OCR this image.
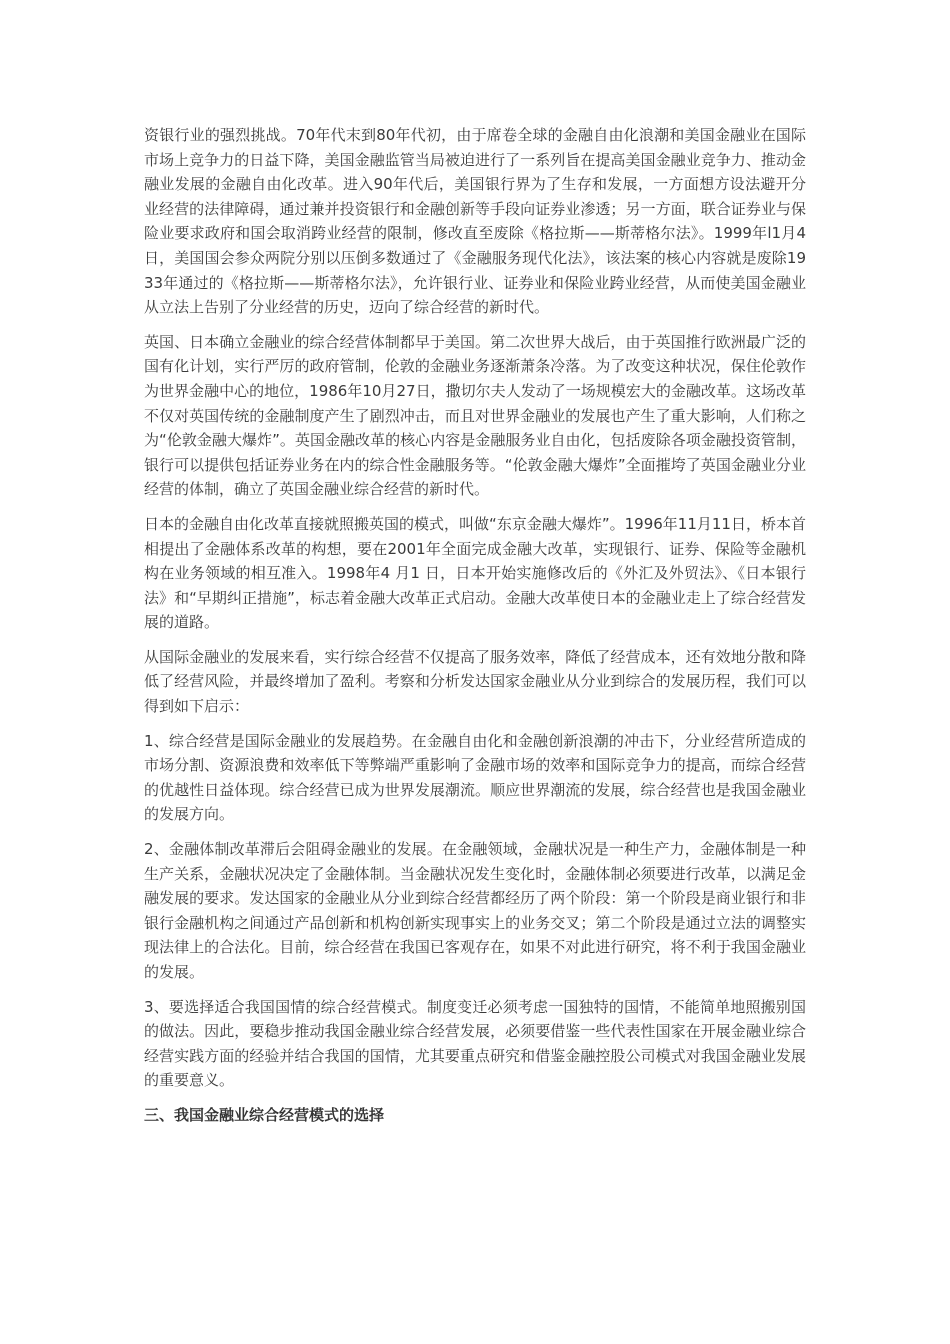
资银行业的强烈挑战。70年代末到80年代初，由于席卷全球的金融自由化浪潮和美国金融业在国际市场上竞争力的日益下降，美国金融监管当局被迫进行了一系列旨在提高美国金融业竞争力、推动金融业发展的金融自由化改革。进入90年代后，美国银行界为了生存和发展，一方面想方设法避开分业经营的法律障碍，通过兼并投资银行和金融创新等手段向证券业渗透；另一方面，联合证券业与保险业要求政府和国会取消跨业经营的限制，修改直至废除《格拉斯——斯蒂格尔法》。1999年l1月4日，美国国会参众两院分别以压倒多数通过了《金融服务现代化法》，该法案的核心内容就是废除1933年通过的《格拉斯——斯蒂格尔法》，允许银行业、证券业和保险业跨业经营，从而使美国金融业从立法上告别了分业经营的历史，迈向了综合经营的新时代。

英国、日本确立金融业的综合经营体制都早于美国。第二次世界大战后，由于英国推行欧洲最广泛的国有化计划，实行严厉的政府管制，伦敦的金融业务逐渐萧条冷落。为了改变这种状况，保住伦敦作为世界金融中心的地位，1986年10月27日，撒切尔夫人发动了一场规模宏大的金融改革。这场改革不仅对英国传统的金融制度产生了剧烈冲击，而且对世界金融业的发展也产生了重大影响，人们称之为“伦敦金融大爆炸”。英国金融改革的核心内容是金融服务业自由化，包括废除各项金融投资管制，银行可以提供包括证券业务在内的综合性金融服务等。“伦敦金融大爆炸”全面摧垮了英国金融业分业经营的体制，确立了英国金融业综合经营的新时代。

日本的金融自由化改革直接就照搬英国的模式，叫做“东京金融大爆炸”。1996年11月11日，桥本首相提出了金融体系改革的构想，要在2001年全面完成金融大改革，实现银行、证券、保险等金融机构在业务领域的相互准入。1998年4 月1 日，日本开始实施修改后的《外汇及外贸法》、《日本银行法》和“早期纠正措施”，标志着金融大改革正式启动。金融大改革使日本的金融业走上了综合经营发展的道路。

从国际金融业的发展来看，实行综合经营不仅提高了服务效率，降低了经营成本，还有效地分散和降低了经营风险，并最终增加了盈利。考察和分析发达国家金融业从分业到综合的发展历程，我们可以得到如下启示：

1、综合经营是国际金融业的发展趋势。在金融自由化和金融创新浪潮的冲击下，分业经营所造成的市场分割、资源浪费和效率低下等弊端严重影响了金融市场的效率和国际竞争力的提高，而综合经营的优越性日益体现。综合经营已成为世界发展潮流。顺应世界潮流的发展，综合经营也是我国金融业的发展方向。

2、金融体制改革滞后会阻碍金融业的发展。在金融领域，金融状况是一种生产力，金融体制是一种生产关系，金融状况决定了金融体制。当金融状况发生变化时，金融体制必须要进行改革，以满足金融发展的要求。发达国家的金融业从分业到综合经营都经历了两个阶段：第一个阶段是商业银行和非银行金融机构之间通过产品创新和机构创新实现事实上的业务交叉；第二个阶段是通过立法的调整实现法律上的合法化。目前，综合经营在我国已客观存在，如果不对此进行研究，将不利于我国金融业的发展。

3、要选择适合我国国情的综合经营模式。制度变迁必须考虑一国独特的国情，不能简单地照搬别国的做法。因此，要稳步推动我国金融业综合经营发展，必须要借鉴一些代表性国家在开展金融业综合经营实践方面的经验并结合我国的国情，尤其要重点研究和借鉴金融控股公司模式对我国金融业发展的重要意义。

三、我国金融业综合经营模式的选择
